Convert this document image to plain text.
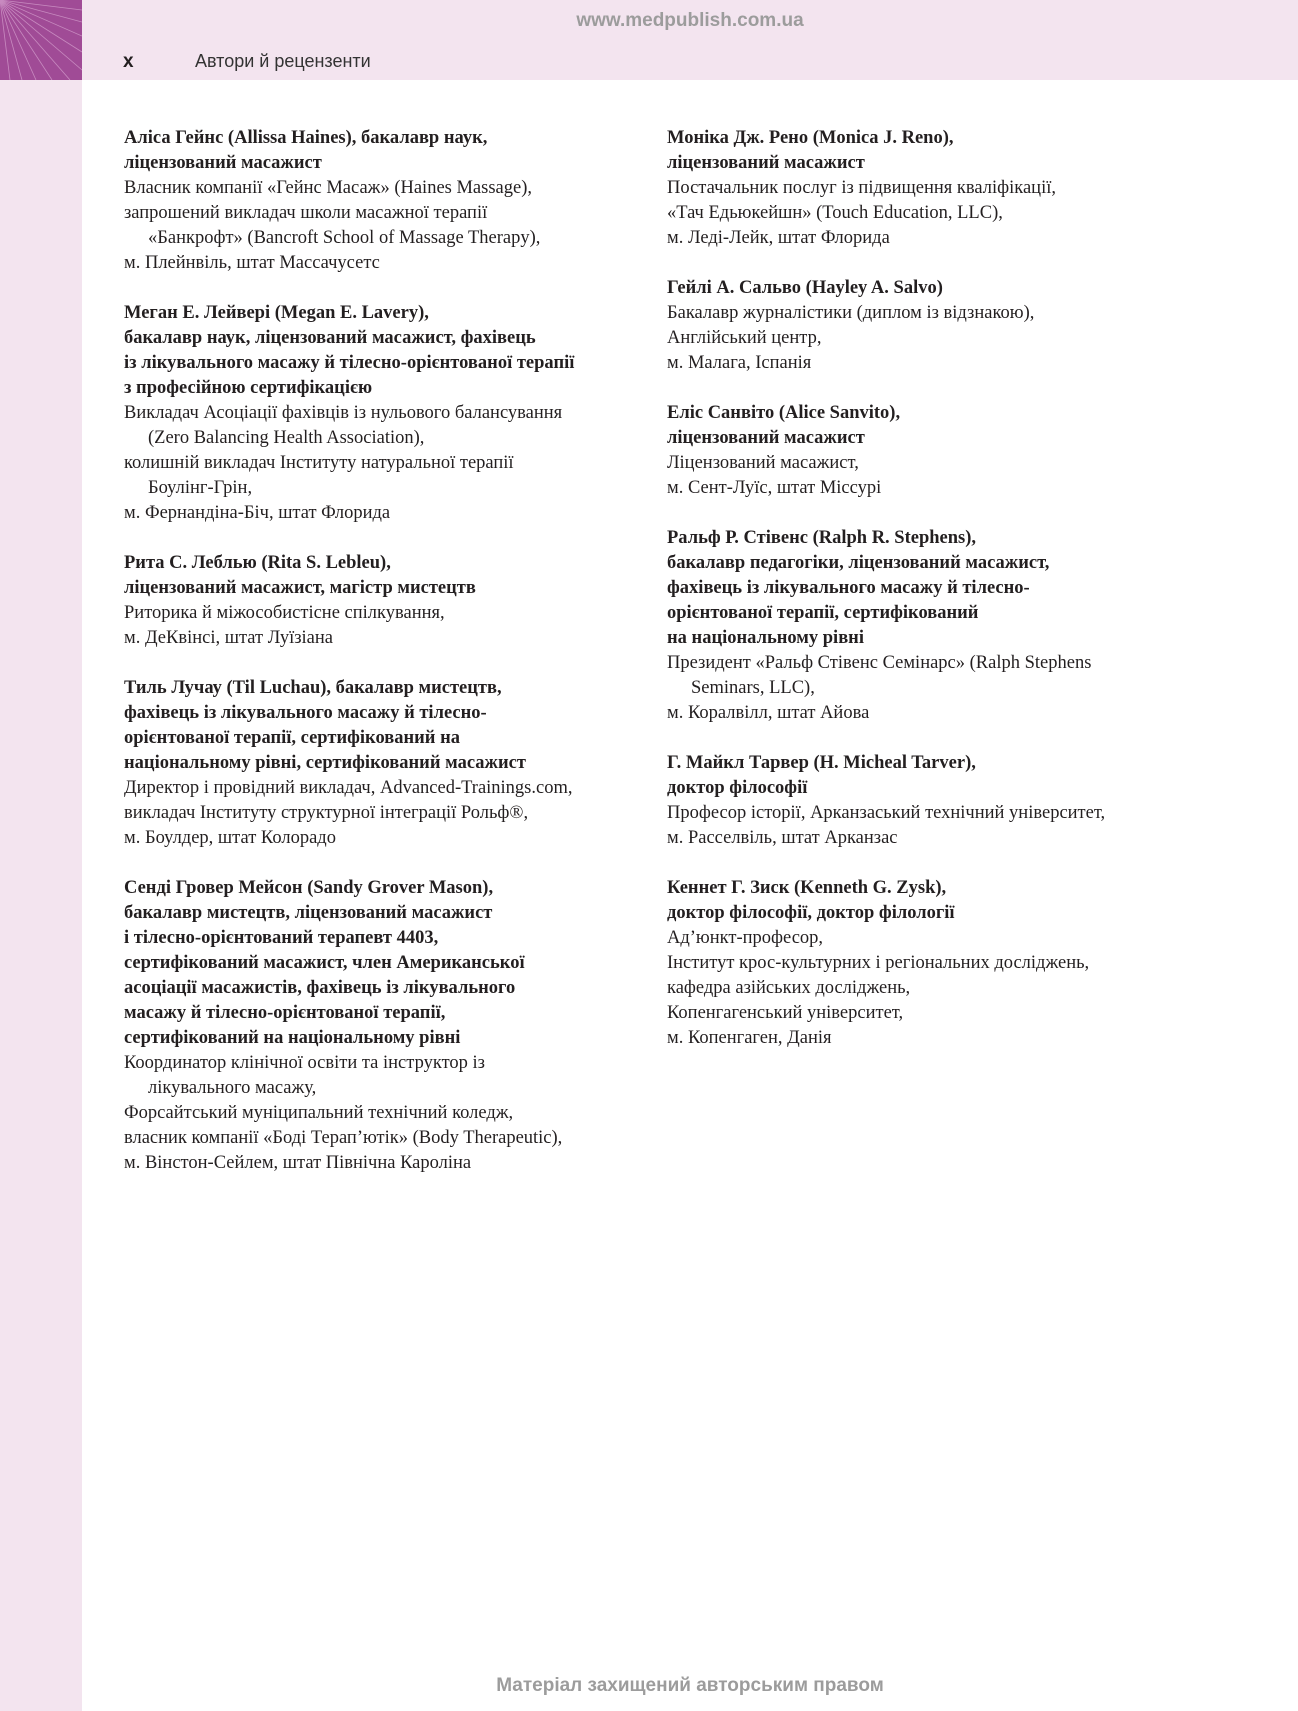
www.medpublish.com.ua
x	Автори й рецензенти
Аліса Гейнс (Allissa Haines), бакалавр наук,
ліцензований масажист
Власник компанії «Гейнс Масаж» (Haines Massage),
запрошений викладач школи масажної терапії
«Банкрофт» (Bancroft School of Massage Therapy),
м. Плейнвіль, штат Массачусетс
Меган Е. Лейвері (Megan E. Lavery),
бакалавр наук, ліцензований масажист, фахівець
із лікувального масажу й тілесно-орієнтованої терапії
з професійною сертифікацією
Викладач Асоціації фахівців із нульового балансування
(Zero Balancing Health Association),
колишній викладач Інституту натуральної терапії
Боулінг-Грін,
м. Фернандіна-Біч, штат Флорида
Рита С. Леблью (Rita S. Lebleu),
ліцензований масажист, магістр мистецтв
Риторика й міжособистісне спілкування,
м. ДеКвінсі, штат Луїзіана
Тиль Лучау (Til Luchau), бакалавр мистецтв,
фахівець із лікувального масажу й тілесно-
орієнтованої терапії, сертифікований на
національному рівні, сертифікований масажист
Директор і провідний викладач, Advanced-Trainings.com,
викладач Інституту структурної інтеграції Рольф®,
м. Боулдер, штат Колорадо
Сенді Гровер Мейсон (Sandy Grover Mason),
бакалавр мистецтв, ліцензований масажист
і тілесно-орієнтований терапевт 4403,
сертифікований масажист, член Американської
асоціації масажистів, фахівець із лікувального
масажу й тілесно-орієнтованої терапії,
сертифікований на національному рівні
Координатор клінічної освіти та інструктор із
лікувального масажу,
Форсайтський муніципальний технічний коледж,
власник компанії «Боді Терап’ютік» (Body Therapeutic),
м. Вінстон-Сейлем, штат Північна Кароліна
Моніка Дж. Рено (Monica J. Reno),
ліцензований масажист
Постачальник послуг із підвищення кваліфікації,
«Тач Едьюкейшн» (Touch Education, LLC),
м. Леді-Лейк, штат Флорида
Гейлі А. Сальво (Hayley A. Salvo)
Бакалавр журналістики (диплом із відзнакою),
Англійський центр,
м. Малага, Іспанія
Еліс Санвіто (Alice Sanvito),
ліцензований масажист
Ліцензований масажист,
м. Сент-Луїс, штат Міссурі
Ральф Р. Стівенс (Ralph R. Stephens),
бакалавр педагогіки, ліцензований масажист,
фахівець із лікувального масажу й тілесно-
орієнтованої терапії, сертифікований
на національному рівні
Президент «Ральф Стівенс Семінарс» (Ralph Stephens
Seminars, LLC),
м. Коралвілл, штат Айова
Г. Майкл Тарвер (H. Micheal Tarver),
доктор філософії
Професор історії, Арканзаський технічний університет,
м. Расселвіль, штат Арканзас
Кеннет Г. Зиск (Kenneth G. Zysk),
доктор філософії, доктор філології
Ад’юнкт-професор,
Інститут крос-культурних і регіональних досліджень,
кафедра азійських досліджень,
Копенгагенський університет,
м. Копенгаген, Данія
Матеріал захищений авторським правом
